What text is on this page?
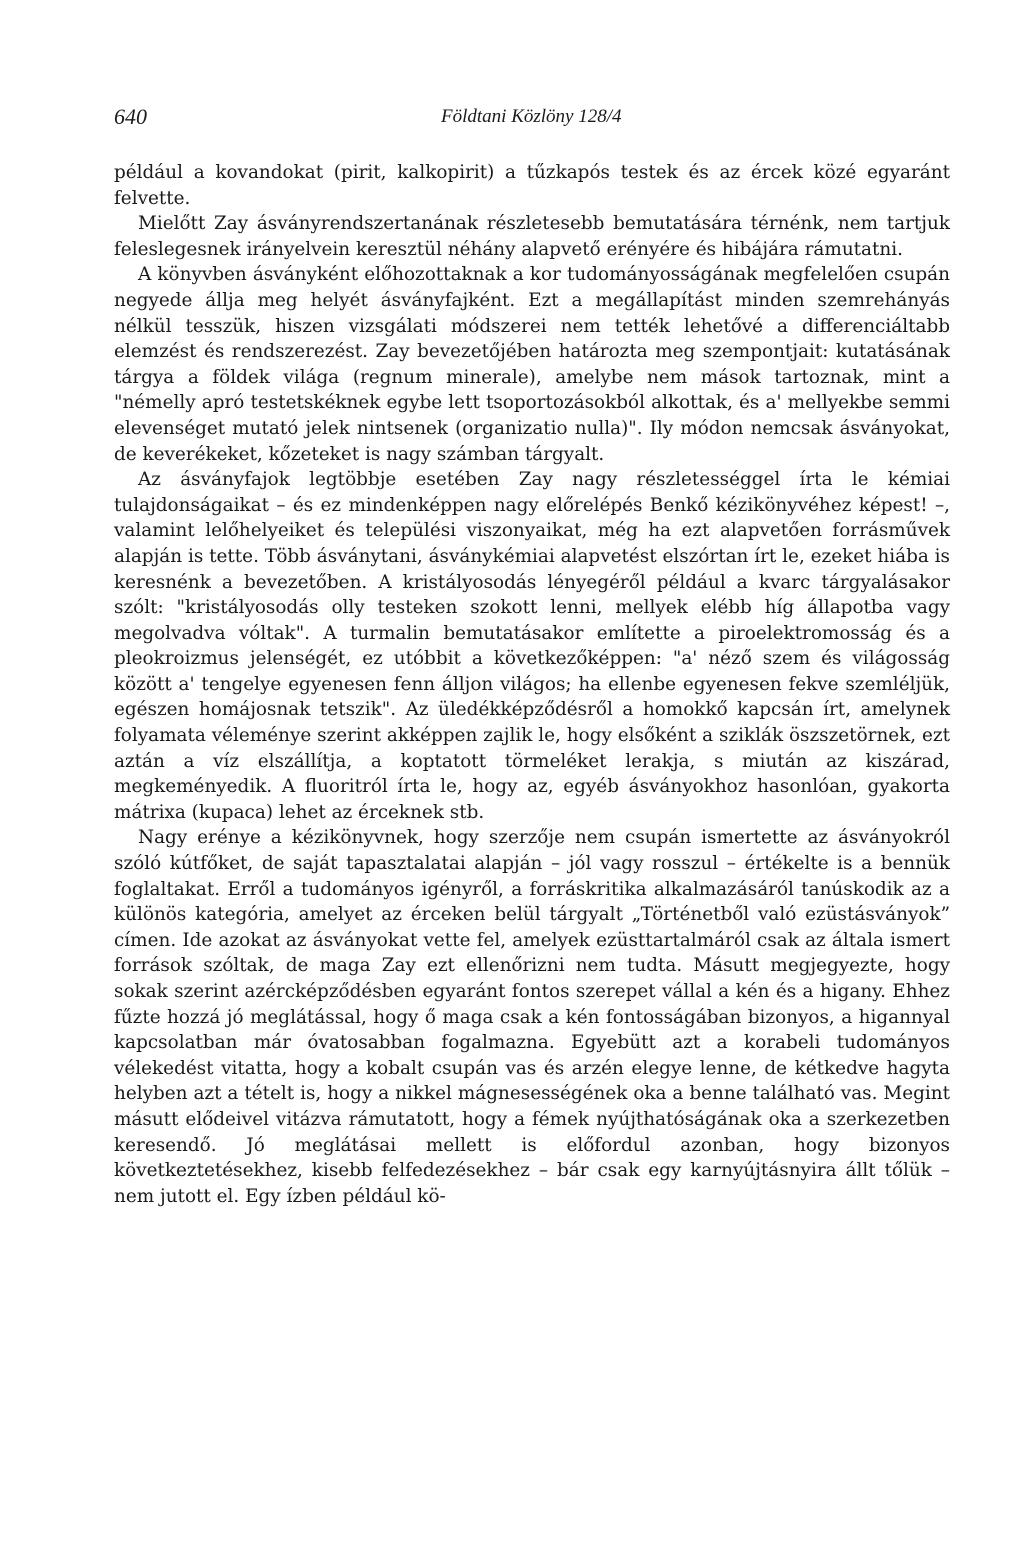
640	Földtani Közlöny 128/4

például a kovandokat (pirit, kalkopirit) a tűzkapós testek és az ércek közé egyaránt felvette.

Mielőtt Zay ásványrendszertanának részletesebb bemutatására térnénk, nem tartjuk feleslegesnek irányelvein keresztül néhány alapvető erényére és hibájára rámutatni.

A könyvben ásványként előhozottaknak a kor tudományosságának megfelelően csupán negyede állja meg helyét ásványfajként. Ezt a megállapítást minden szemrehányás nélkül tesszük, hiszen vizsgálati módszerei nem tették lehetővé a differenciáltabb elemzést és rendszerezést. Zay bevezetőjében határozta meg szempontjait: kutatásának tárgya a földek világa (regnum minerale), amelybe nem mások tartoznak, mint a "némelly apró testetskéknek egybe lett tsoportozásokból alkottak, és a' mellyekbe semmi elevenséget mutató jelek nintsenek (organizatio nulla)". Ily módon nemcsak ásványokat, de keverékeket, kőzeteket is nagy számban tárgyalt.

Az ásványfajok legtöbbje esetében Zay nagy részletességgel írta le kémiai tulajdonságaikat – és ez mindenképpen nagy előrelépés Benkő kézikönyvéhez képest! –, valamint lelőhelyeiket és települési viszonyaikat, még ha ezt alapvetően forrásművek alapján is tette. Több ásványtani, ásványkémiai alapvetést elszórtan írt le, ezeket hiába is keresnénk a bevezetőben. A kristályosodás lényegéről például a kvarc tárgyalásakor szólt: "kristályosodás olly testeken szokott lenni, mellyek elébb híg állapotba vagy megolvadva vóltak". A turmalin bemutatásakor említette a piroelektromosság és a pleokroizmus jelenségét, ez utóbbit a következőképpen: "a' néző szem és világosság között a' tengelye egyenesen fenn álljon világos; ha ellenbe egyenesen fekve szemléljük, egészen homájosnak tetszik". Az üledékképződésről a homokkő kapcsán írt, amelynek folyamata véleménye szerint akképpen zajlik le, hogy elsőként a sziklák öszszetörnek, ezt aztán a víz elszállítja, a koptatott törmeléket lerakja, s miután az kiszárad, megkeményedik. A fluoritról írta le, hogy az, egyéb ásványokhoz hasonlóan, gyakorta mátrixa (kupaca) lehet az érceknek stb.

Nagy erénye a kézikönyvnek, hogy szerzője nem csupán ismertette az ásványokról szóló kútfőket, de saját tapasztalatai alapján – jól vagy rosszul – értékelte is a bennük foglaltakat. Erről a tudományos igényről, a forráskritika alkalmazásáról tanúskodik az a különös kategória, amelyet az érceken belül tárgyalt „Történetből való ezüstásványok” címen. Ide azokat az ásványokat vette fel, amelyek ezüsttartalmáról csak az általa ismert források szóltak, de maga Zay ezt ellenőrizni nem tudta. Másutt megjegyezte, hogy sokak szerint azércképződésben egyaránt fontos szerepet vállal a kén és a higany. Ehhez fűzte hozzá jó meglátással, hogy ő maga csak a kén fontosságában bizonyos, a higannyal kapcsolatban már óvatosabban fogalmazna. Egyebütt azt a korabeli tudományos vélekedést vitatta, hogy a kobalt csupán vas és arzén elegye lenne, de kétkedve hagyta helyben azt a tételt is, hogy a nikkel mágnesességének oka a benne található vas. Megint másutt elődeivel vitázva rámutatott, hogy a fémek nyújthatóságának oka a szerkezetben keresendő. Jó meglátásai mellett is előfordul azonban, hogy bizonyos következtetésekhez, kisebb felfedezésekhez – bár csak egy karnyújtásnyira állt tőlük – nem jutott el. Egy ízben például kö-
